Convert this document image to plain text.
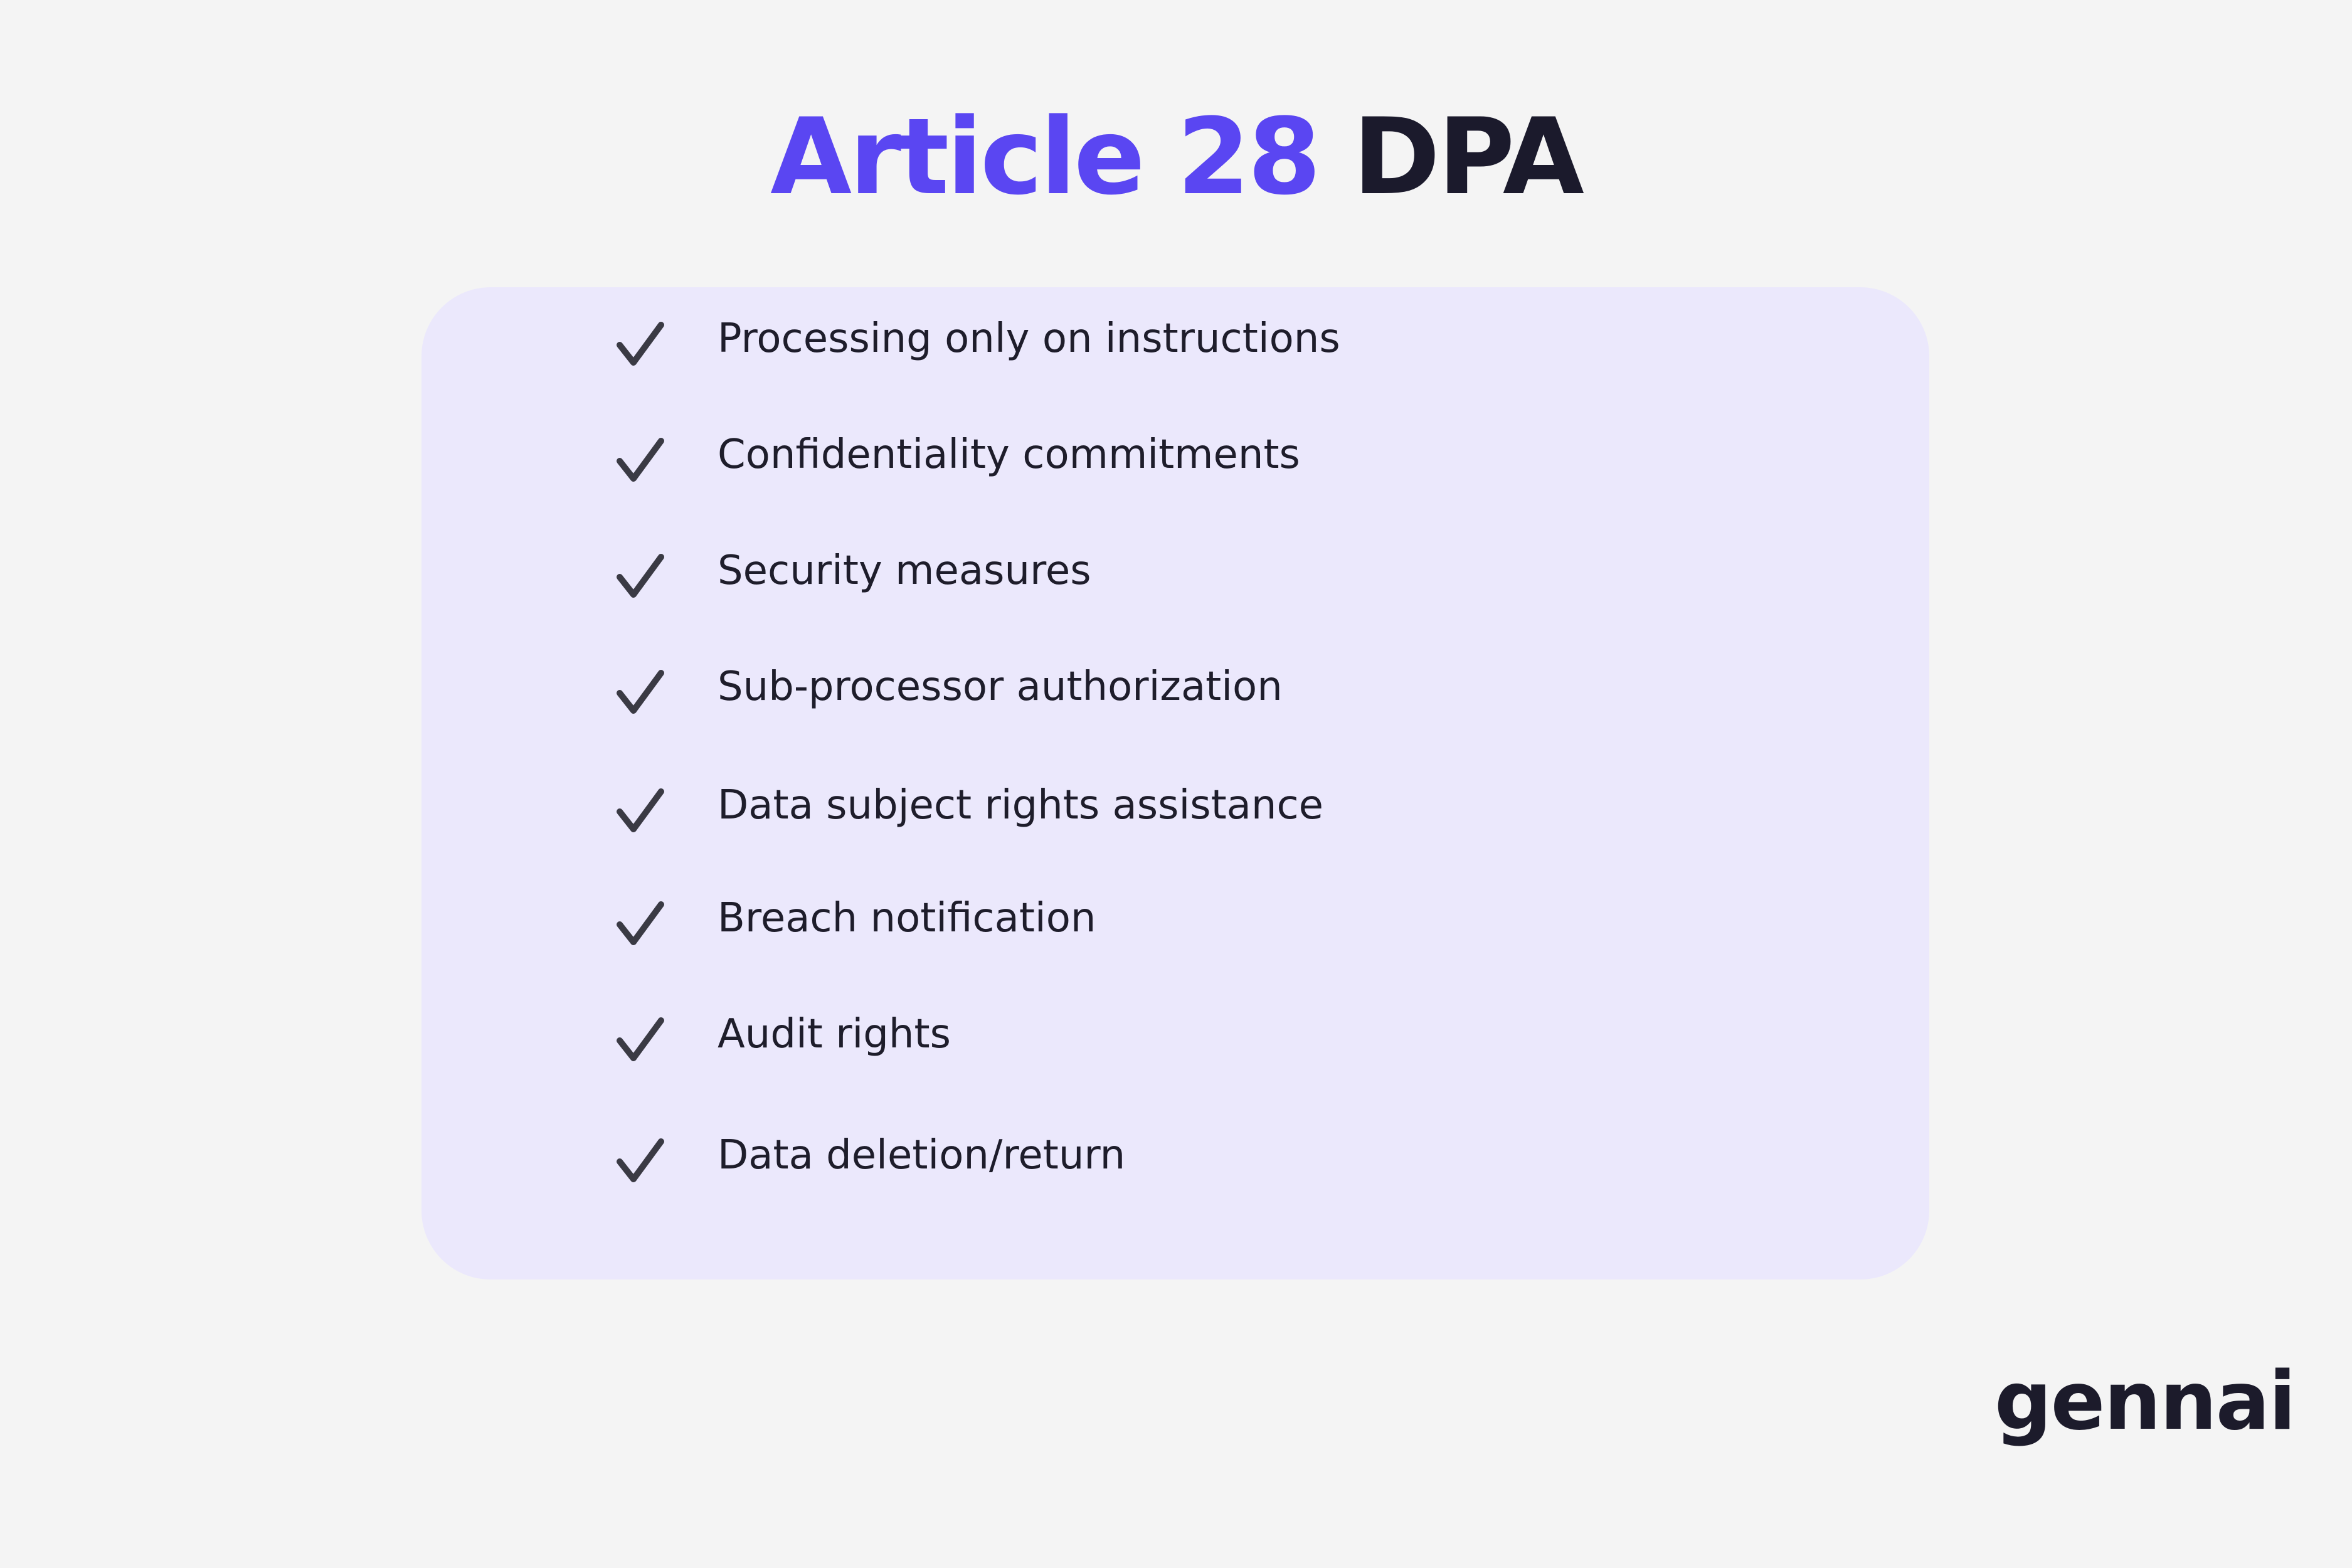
Article 28 DPA
Processing only on instructions
Confidentiality commitments
Security measures
Sub-processor authorization
Data subject rights assistance
Breach notification
Audit rights
Data deletion/return
gennai
